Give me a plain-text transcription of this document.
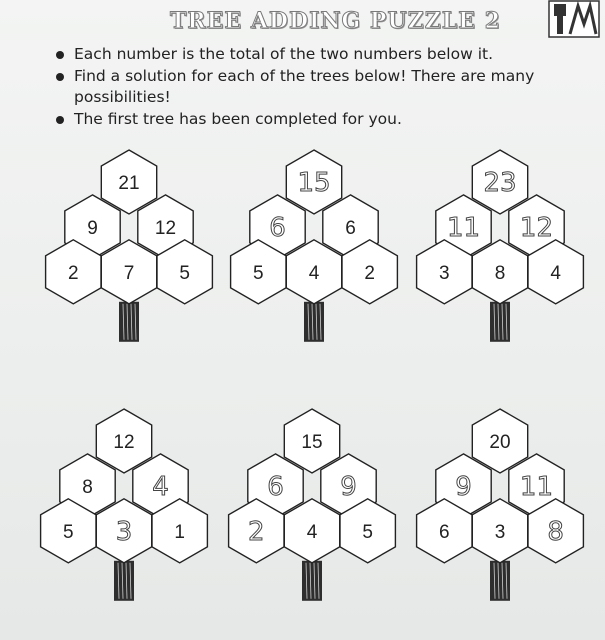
TREE ADDING PUZZLE 2
Each number is the total of the two numbers below it.
Find a solution for each of the trees below! There are many possibilities!
The first tree has been completed for you.
21
9	12
2 7 5
15
6	6
5 4 2
23
11 12
3 8 4
12
8 4
5 3 1
15
6 9
2 4 5
20
9 11
6 3 8
